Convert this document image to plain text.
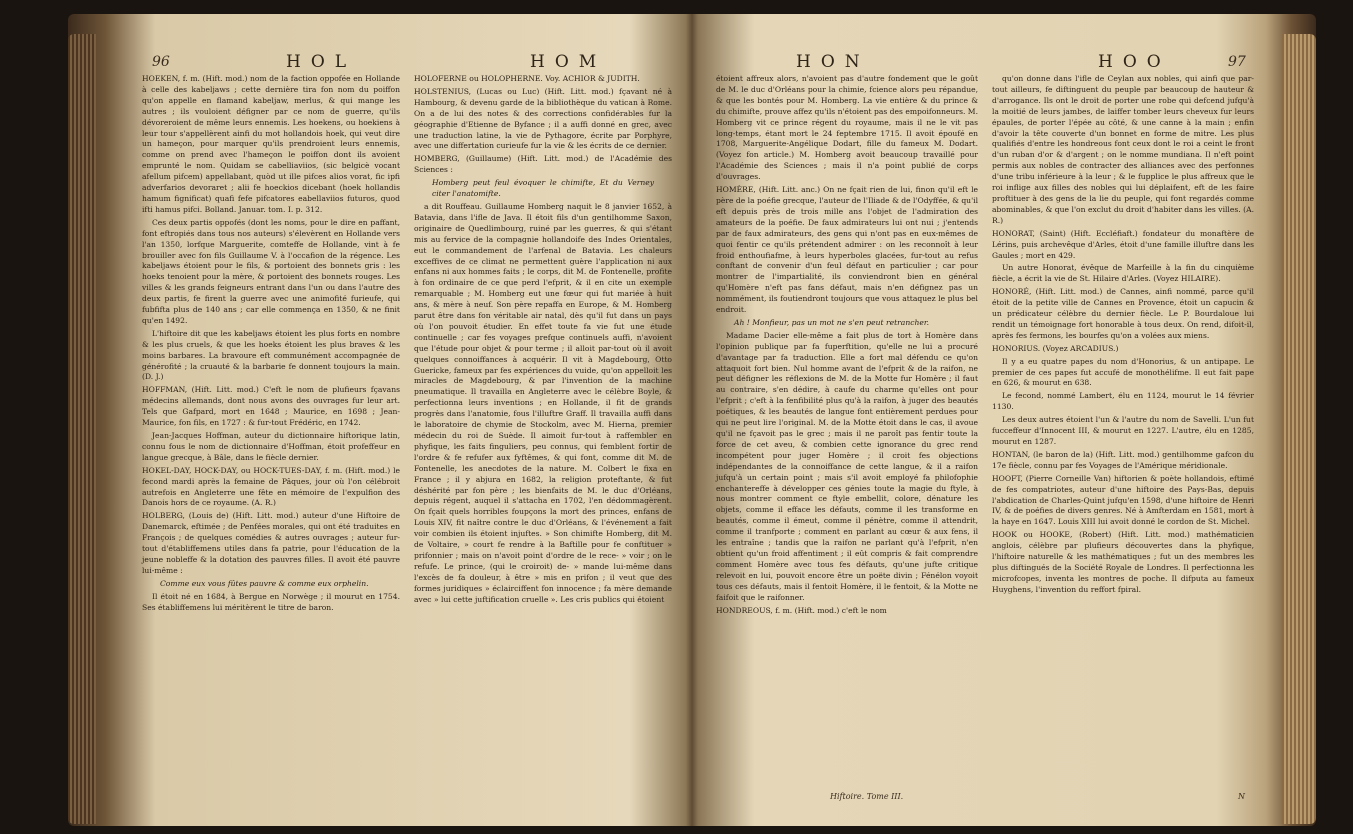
96	HOL	HOM

HOEKEN, f. m. (Hift. mod.) nom de la faction oppofée en Hollande à celle des kabeljaws ; cette dernière tira fon nom du poiffon qu'on appelle en flamand kabeljaw, merlus, & qui mange les autres ; ils vouloient défigner par ce nom de guerre, qu'ils dévoreroient de même leurs ennemis. Les hoekens, ou hoekiens à leur tour s'appellèrent ainfi du mot hollandois hoek, qui veut dire un hameçon, pour marquer qu'ils prendroient leurs ennemis, comme on prend avec l'hameçon le poiffon dont ils avoient emprunté le nom. Quidam se cabelliaviios, (sic belgicè vocant afellum pifcem) appellabant, quòd ut ille pifces alios vorat, fic ipfi adverfarios devoraret ; alii fe hoeckios dicebant (hoek hollandis hamum fignificat) quafi fefe pifcatores eabellaviios futuros, quod ifti hamus pifci. Bolland. Januar. tom. I. p. 312.

Ces deux partis oppofés (dont les noms, pour le dire en paffant, font eftropiés dans tous nos auteurs) s'élevèrent en Hollande vers l'an 1350, lorfque Marguerite, comteffe de Hollande, vint à fe brouiller avec fon fils Guillaume V. à l'occafion de la régence. Les kabeljaws étoient pour le fils, & portoient des bonnets gris : les hoeks tenoient pour la mère, & portoient des bonnets rouges. Les villes & les grands feigneurs entrant dans l'un ou dans l'autre des deux partis, fe firent la guerre avec une animofité furieufe, qui fubfifta plus de 140 ans ; car elle commença en 1350, & ne finit qu'en 1492.

L'hiftoire dit que les kabeljaws étoient les plus forts en nombre & les plus cruels, & que les hoeks étoient les plus braves & les moins barbares. La bravoure eft communément accompagnée de générofité ; la cruauté & la barbarie fe donnent toujours la main. (D. J.)

HOFFMAN, (Hift. Litt. mod.) C'eft le nom de plufieurs fçavans médecins allemands, dont nous avons des ouvrages fur leur art. Tels que Gafpard, mort en 1648 ; Maurice, en 1698 ; Jean-Maurice, fon fils, en 1727 : & fur-tout Frédéric, en 1742.

Jean-Jacques Hoffman, auteur du dictionnaire hiftorique latin, connu fous le nom de dictionnaire d'Hoffman, étoit profeffeur en langue grecque, à Bâle, dans le fiècle dernier.

HOKEL-DAY, HOCK-DAY, ou HOCK-TUES-DAY, f. m. (Hift. mod.) le fecond mardi après la femaine de Pâques, jour où l'on célébroit autrefois en Angleterre une fête en mémoire de l'expulfion des Danois hors de ce royaume. (A. R.)

HOLBERG, (Louis de) (Hift. Litt. mod.) auteur d'une Hiftoire de Danemarck, eftimée ; de Penfées morales, qui ont été traduites en François ; de quelques comédies & autres ouvrages ; auteur fur-tout d'établiffemens utiles dans fa patrie, pour l'éducation de la jeune nobleffe & la dotation des pauvres filles. Il avoit été pauvre lui-même :

Comme eux vous fûtes pauvre & comme eux orphelin.

Il étoit né en 1684, à Bergue en Norwège ; il mourut en 1754. Ses établiffemens lui méritèrent le titre de baron.

HOLOFERNE ou HOLOPHERNE. Voy. ACHIOR & JUDITH.

HOLSTENIUS, (Lucas ou Luc) (Hift. Litt. mod.) fçavant né à Hambourg, & devenu garde de la bibliothèque du vatican à Rome. On a de lui des notes & des corrections confidérables fur la géographie d'Etienne de Byfance ; il a auffi donné en grec, avec une traduction latine, la vie de Pythagore, écrite par Porphyre, avec une differtation curieufe fur la vie & les écrits de ce dernier.

HOMBERG, (Guillaume) (Hift. Litt. mod.) de l'Académie des Sciences :

Homberg peut feul évoquer le chimifte, Et du Verney citer l'anatomifte.

a dit Rouffeau. Guillaume Homberg naquit le 8 janvier 1652, à Batavia, dans l'ifle de Java. Il étoit fils d'un gentilhomme Saxon, originaire de Quedlimbourg, ruiné par les guerres, & qui s'étant mis au fervice de la compagnie hollandoife des Indes Orientales, eut le commandement de l'arfenal de Batavia. Les chaleurs exceffives de ce climat ne permettent guère l'application ni aux enfans ni aux hommes faits ; le corps, dit M. de Fontenelle, profite à fon ordinaire de ce que perd l'efprit, & il en cite un exemple remarquable ; M. Homberg eut une fœur qui fut mariée à huit ans, & mère à neuf. Son père repaffa en Europe, & M. Homberg parut être dans fon véritable air natal, dès qu'il fut dans un pays où l'on pouvoit étudier. En effet toute fa vie fut une étude continuelle ; car fes voyages prefque continuels auffi, n'avoient que l'étude pour objet & pour terme ; il alloit par-tout où il avoit quelques connoiffances à acquérir. Il vit à Magdebourg, Otto Guericke, fameux par fes expériences du vuide, qu'on appelloit les miracles de Magdebourg, & par l'invention de la machine pneumatique. Il travailla en Angleterre avec le célèbre Boyle, & perfectionna leurs inventions ; en Hollande, il fit de grands progrès dans l'anatomie, fous l'illuftre Graff. Il travailla auffi dans le laboratoire de chymie de Stockolm, avec M. Hierna, premier médecin du roi de Suède. Il aimoit fur-tout à raffembler en phyfique, les faits finguliers, peu connus, qui femblent fortir de l'ordre & fe refufer aux fyftêmes, & qui font, comme dit M. de Fontenelle, les anecdotes de la nature. M. Colbert le fixa en France ; il y abjura en 1682, la religion proteftante, & fut déshérité par fon père ; les bienfaits de M. le duc d'Orléans, depuis régent, auquel il s'attacha en 1702, l'en dédommagèrent. On fçait quels horribles foupçons la mort des princes, enfans de Louis XIV, fit naître contre le duc d'Orléans, & l'événement a fait voir combien ils étoient injuftes. » Son chimifte Homberg, dit M. de Voltaire, » court fe rendre à la Baftille pour fe conftituer » prifonnier ; mais on n'avoit point d'ordre de le rece- » voir ; on le refufe. Le prince, (qui le croiroit) de- » mande lui-même dans l'excès de fa douleur, à être » mis en prifon ; il veut que des formes juridiques » éclairciffent fon innocence ; fa mère demande avec » lui cette juftification cruelle ». Les cris publics qui étoient

HON	HOO	97

étoient affreux alors, n'avoient pas d'autre fondement que le goût de M. le duc d'Orléans pour la chimie, fcience alors peu répandue, & que les bontés pour M. Homberg. La vie entière & du prince & du chimifte, prouve affez qu'ils n'étoient pas des empoifonneurs. M. Homberg vit ce prince régent du royaume, mais il ne le vit pas long-temps, étant mort le 24 feptembre 1715. Il avoit époufé en 1708, Marguerite-Angélique Dodart, fille du fameux M. Dodart. (Voyez fon article.) M. Homberg avoit beaucoup travaillé pour l'Académie des Sciences ; mais il n'a point publié de corps d'ouvrages.

HOMÈRE, (Hift. Litt. anc.) On ne fçait rien de lui, finon qu'il eft le père de la poéfie grecque, l'auteur de l'Iliade & de l'Odyffée, & qu'il eft depuis près de trois mille ans l'objet de l'admiration des amateurs de la poéfie. De faux admirateurs lui ont nui ; j'entends par de faux admirateurs, des gens qui n'ont pas en eux-mêmes de quoi fentir ce qu'ils prétendent admirer : on les reconnoît à leur froid enthoufiafme, à leurs hyperboles glacées, fur-tout au refus conftant de convenir d'un feul défaut en particulier ; car pour montrer de l'impartialité, ils conviendront bien en général qu'Homère n'eft pas fans défaut, mais n'en défignez pas un nommément, ils foutiendront toujours que vous attaquez le plus bel endroit.

Ah ! Monfieur, pas un mot ne s'en peut retrancher.

Madame Dacier elle-même a fait plus de tort à Homère dans l'opinion publique par fa fuperftition, qu'elle ne lui a procuré d'avantage par fa traduction. Elle a fort mal défendu ce qu'on attaquoit fort bien. Nul homme avant de l'efprit & de la raifon, ne peut défigner les réflexions de M. de la Motte fur Homère ; il faut au contraire, s'en dédire, à caufe du charme qu'elles ont pour l'efprit ; c'eft à la fenfibilité plus qu'à la raifon, à juger des beautés poétiques, & les beautés de langue font entièrement perdues pour qui ne peut lire l'original. M. de la Motte étoit dans le cas, il avoue qu'il ne fçavoit pas le grec ; mais il ne paroît pas fentir toute la force de cet aveu, & combien cette ignorance du grec rend incompétent pour juger Homère ; il croit fes objections indépendantes de la connoiffance de cette langue, & il a raifon jufqu'à un certain point ; mais s'il avoit employé fa philofophie enchantereffe à développer ces génies toute la magie du ftyle, à nous montrer comment ce ftyle embellit, colore, dénature les objets, comme il efface les défauts, comme il les transforme en beautés, comme il émeut, comme il pénètre, comme il attendrit, comme il tranfporte ; comment en parlant au cœur & aux fens, il les entraîne ; tandis que la raifon ne parlant qu'à l'efprit, n'en obtient qu'un froid affentiment ; il eût compris & fait comprendre comment Homère avec tous fes défauts, qu'une jufte critique relevoit en lui, pouvoit encore être un poëte divin ; Fénélon voyoit tous ces défauts, mais il fentoit Homère, il le fentoit, & la Motte ne faifoit que le raifonner.

HONDREOUS, f. m. (Hift. mod.) c'eft le nom

qu'on donne dans l'ifle de Ceylan aux nobles, qui ainfi que par-tout ailleurs, fe diftinguent du peuple par beaucoup de hauteur & d'arrogance. Ils ont le droit de porter une robe qui defcend jufqu'à la moitié de leurs jambes, de laiffer tomber leurs cheveux fur leurs épaules, de porter l'épée au côté, & une canne à la main ; enfin d'avoir la tête couverte d'un bonnet en forme de mitre. Les plus qualifiés d'entre les hondreous font ceux dont le roi a ceint le front d'un ruban d'or & d'argent ; on le nomme mundiana. Il n'eft point permis aux nobles de contracter des alliances avec des perfonnes d'une tribu inférieure à la leur ; & le fupplice le plus affreux que le roi inflige aux filles des nobles qui lui déplaifent, eft de les faire proftituer à des gens de la lie du peuple, qui font regardés comme abominables, & que l'on exclut du droit d'habiter dans les villes. (A. R.)

HONORAT, (Saint) (Hift. Eccléfiaft.) fondateur du monaftère de Lérins, puis archevêque d'Arles, étoit d'une famille illuftre dans les Gaules ; mort en 429.

Un autre Honorat, évêque de Marfeille à la fin du cinquième fiècle, a écrit la vie de St. Hilaire d'Arles. (Voyez HILAIRE).

HONORÉ, (Hift. Litt. mod.) de Cannes, ainfi nommé, parce qu'il étoit de la petite ville de Cannes en Provence, étoit un capucin & un prédicateur célèbre du dernier fiècle. Le P. Bourdaloue lui rendit un témoignage fort honorable à tous deux. On rend, difoit-il, après fes fermons, les bourfes qu'on a volées aux miens.

HONORIUS. (Voyez ARCADIUS.)

Il y a eu quatre papes du nom d'Honorius, & un antipape. Le premier de ces papes fut accufé de monothélifme. Il eut fait pape en 626, & mourut en 638.

Le fecond, nommé Lambert, élu en 1124, mourut le 14 février 1130.

Les deux autres étoient l'un & l'autre du nom de Savelli. L'un fut fucceffeur d'Innocent III, & mourut en 1227. L'autre, élu en 1285, mourut en 1287.

HONTAN, (le baron de la) (Hift. Litt. mod.) gentilhomme gafcon du 17e fiècle, connu par fes Voyages de l'Amérique méridionale.

HOOFT, (Pierre Corneille Van) hiftorien & poète hollandois, eftimé de fes compatriotes, auteur d'une hiftoire des Pays-Bas, depuis l'abdication de Charles-Quint jufqu'en 1598, d'une hiftoire de Henri IV, & de poéfies de divers genres. Né à Amfterdam en 1581, mort à la haye en 1647. Louis XIII lui avoit donné le cordon de St. Michel.

HOOK ou HOOKE, (Robert) (Hift. Litt. mod.) mathématicien anglois, célèbre par plufieurs découvertes dans la phyfique, l'hiftoire naturelle & les mathématiques ; fut un des membres les plus diftingués de la Société Royale de Londres. Il perfectionna les microfcopes, inventa les montres de poche. Il difputa au fameux Huyghens, l'invention du reffort fpiral.

Hiftoire. Tome III.	N
